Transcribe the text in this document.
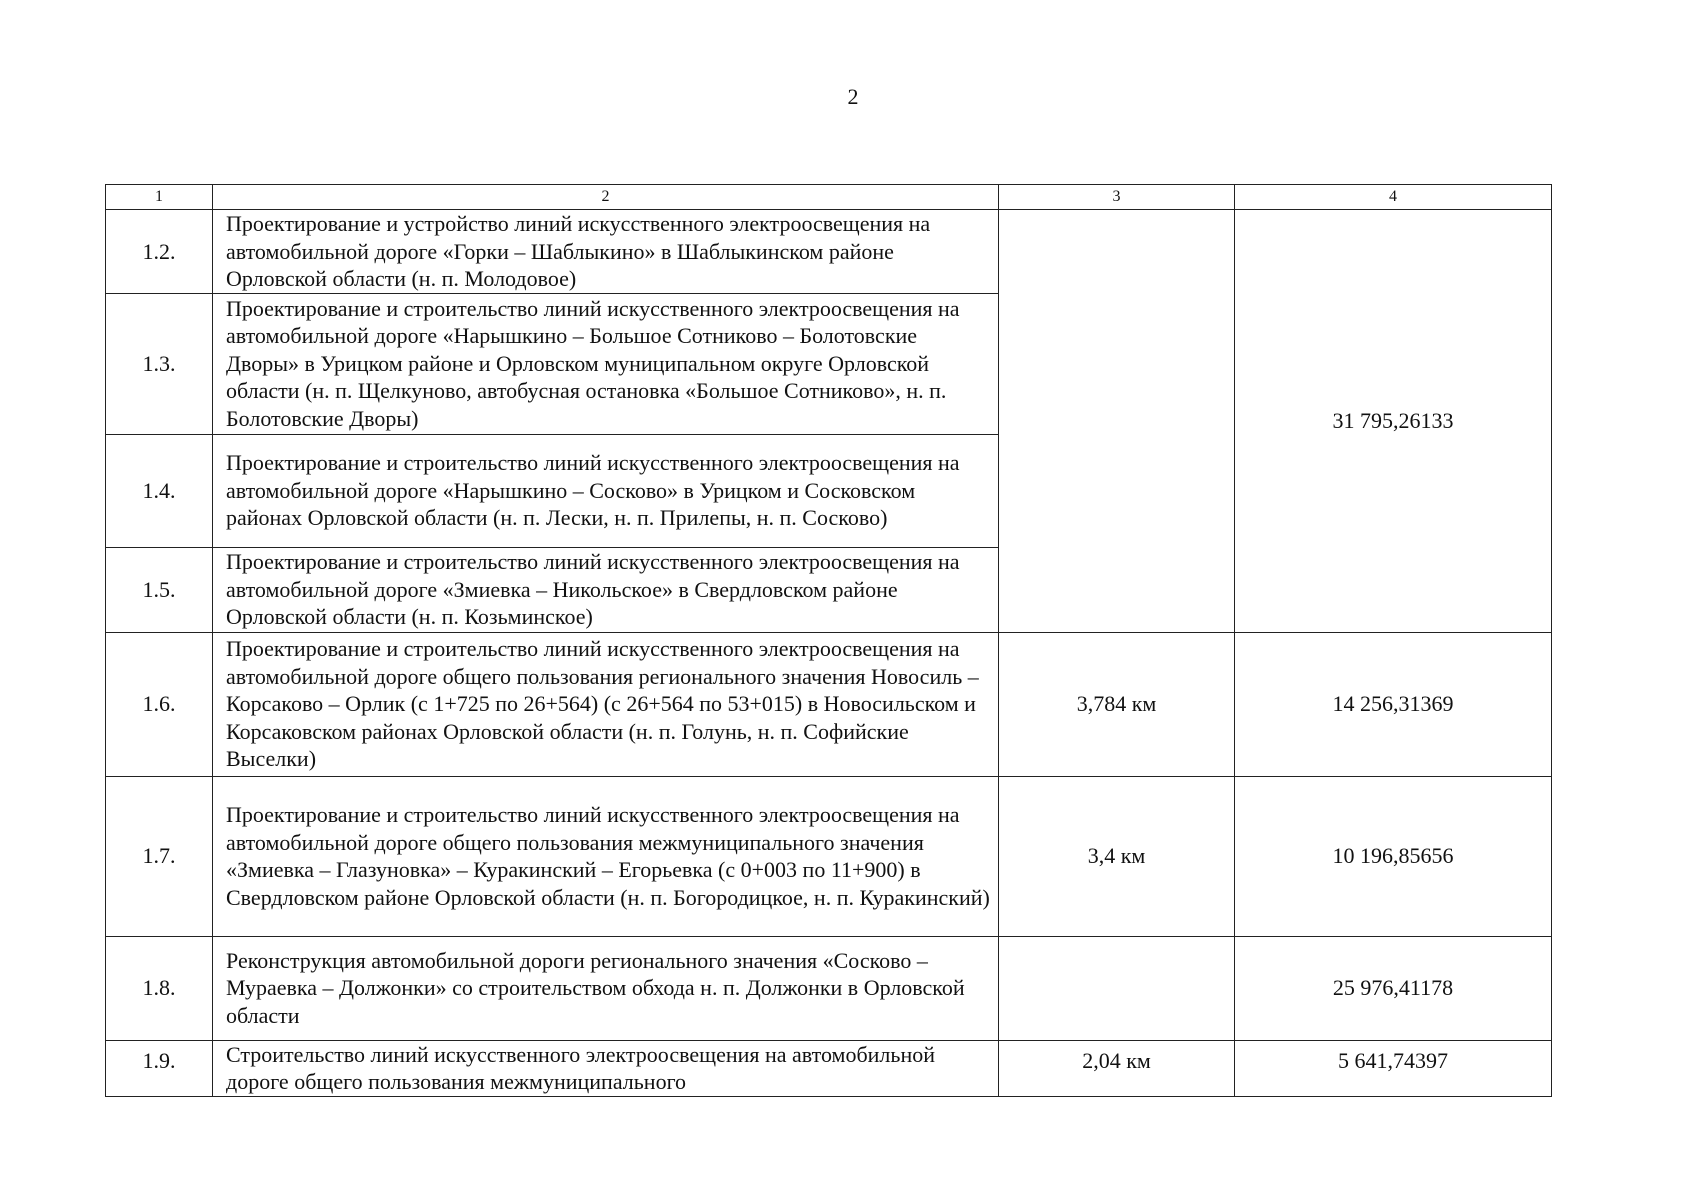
2
1	2	3	4
1.2.	Проектирование и устройство линий искусственного электроосвещения на автомобильной дороге «Горки – Шаблыкино» в Шаблыкинском районе Орловской области (н. п. Молодовое)		31 795,26133
1.3.	Проектирование и строительство линий искусственного электроосвещения на автомобильной дороге «Нарышкино – Большое Сотниково – Болотовские Дворы» в Урицком районе и Орловском муниципальном округе Орловской области (н. п. Щелкуново, автобусная остановка «Большое Сотниково», н. п. Болотовские Дворы)		
1.4.	Проектирование и строительство линий искусственного электроосвещения на автомобильной дороге «Нарышкино – Сосково» в Урицком и Сосковском районах Орловской области (н. п. Лески, н. п. Прилепы, н. п. Сосково)		
1.5.	Проектирование и строительство линий искусственного электроосвещения на автомобильной дороге «Змиевка – Никольское» в Свердловском районе Орловской области (н. п. Козьминское)		
1.6.	Проектирование и строительство линий искусственного электроосвещения на автомобильной дороге общего пользования регионального значения Новосиль – Корсаково – Орлик (с 1+725 по 26+564) (с 26+564 по 53+015) в Новосильском и Корсаковском районах Орловской области (н. п. Голунь, н. п. Софийские Выселки)	3,784 км	14 256,31369
1.7.	Проектирование и строительство линий искусственного электроосвещения на автомобильной дороге общего пользования межмуниципального значения «Змиевка – Глазуновка» – Куракинский – Егорьевка (с 0+003 по 11+900) в Свердловском районе Орловской области (н. п. Богородицкое, н. п. Куракинский)	3,4 км	10 196,85656
1.8.	Реконструкция автомобильной дороги регионального значения «Сосково – Мураевка – Должонки» со строительством обхода н. п. Должонки в Орловской области		25 976,41178
1.9.	Строительство линий искусственного электроосвещения на автомобильной дороге общего пользования межмуниципального	2,04 км	5 641,74397
